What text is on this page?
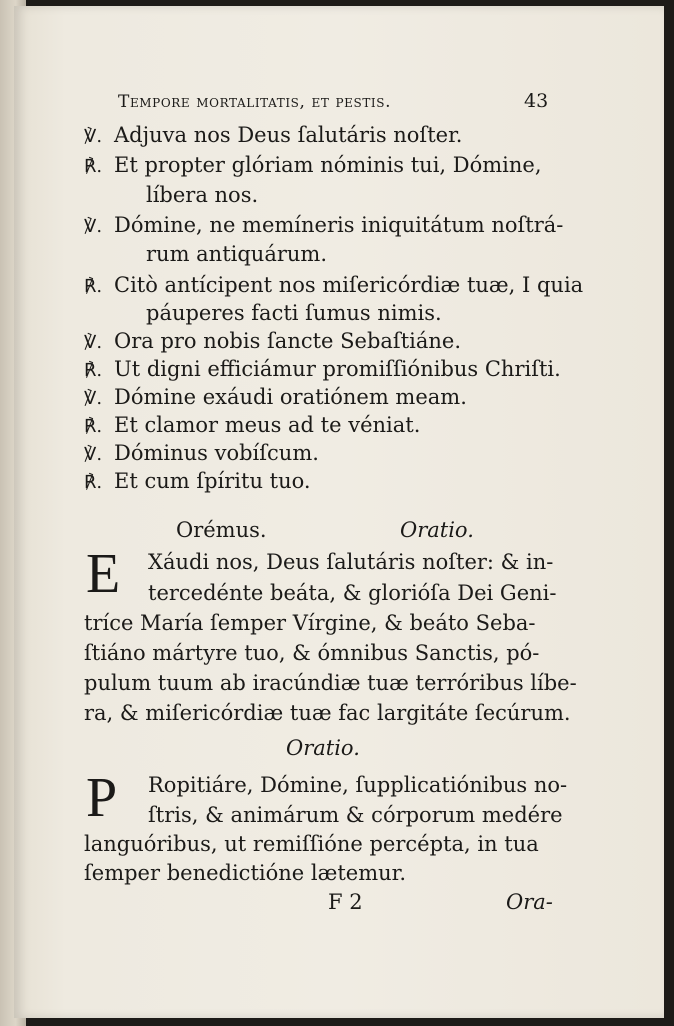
Tempore mortalitatis, et pestis.	43
℣. Adjuva nos Deus ſalutáris noſter.
℟. Et propter glóriam nóminis tui, Dómine,
líbera nos.
℣. Dómine, ne memíneris iniquitátum noſtrá-
rum antiquárum.
℟. Citò antícipent nos miſericórdiæ tuæ, I quia
páuperes facti ſumus nimis.
℣. Ora pro nobis ſancte Sebaſtiáne.
℟. Ut digni efficiámur promiſſiónibus Chriſti.
℣. Dómine exáudi oratiónem meam.
℟. Et clamor meus ad te véniat.
℣. Dóminus vobíſcum.
℟. Et cum ſpíritu tuo.
Orémus.	Oratio.
E Xáudi nos, Deus ſalutáris noſter: & in-
tercedénte beáta, & glorióſa Dei Geni-
tríce María ſemper Vírgine, & beáto Seba-
ſtiáno mártyre tuo, & ómnibus Sanctis, pó-
pulum tuum ab iracúndiæ tuæ terróribus líbe-
ra, & miſericórdiæ tuæ fac largitáte ſecúrum.
Oratio.
P Ropitiáre, Dómine, ſupplicatiónibus no-
ſtris, & animárum & córporum medére
languóribus, ut remiſſióne percépta, in tua
ſemper benedictióne lætemur.
F 2	Ora-
